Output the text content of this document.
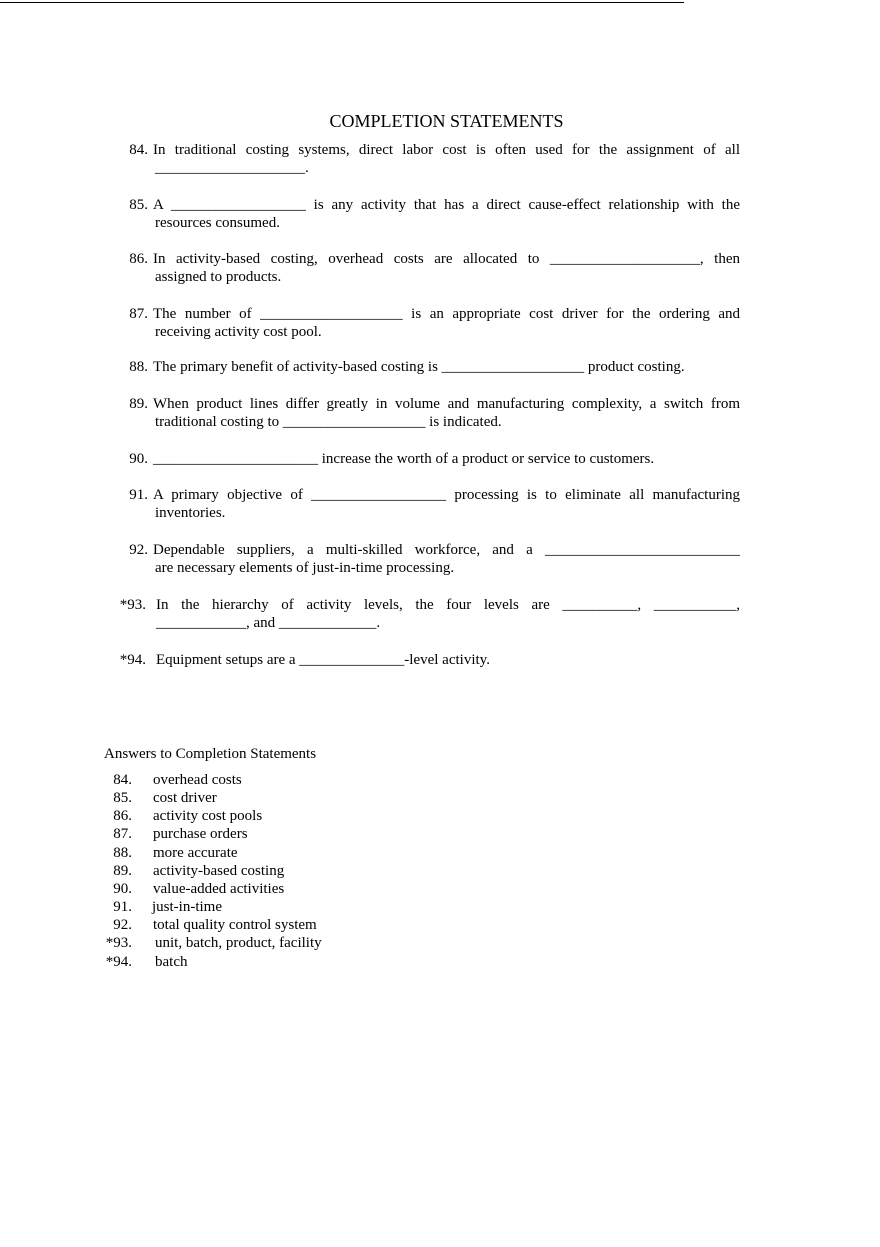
COMPLETION STATEMENTS
84. In traditional costing systems, direct labor cost is often used for the assignment of all
____________________.
85. A __________________ is any activity that has a direct cause-effect relationship with the
resources consumed.
86. In activity-based costing, overhead costs are allocated to ____________________, then
assigned to products.
87. The number of ___________________ is an appropriate cost driver for the ordering and
receiving activity cost pool.
88. The primary benefit of activity-based costing is ___________________ product costing.
89. When product lines differ greatly in volume and manufacturing complexity, a switch from
traditional costing to ___________________ is indicated.
90. ______________________ increase the worth of a product or service to customers.
91. A primary objective of __________________ processing is to eliminate all manufacturing
inventories.
92. Dependable suppliers, a multi-skilled workforce, and a __________________________
are necessary elements of just-in-time processing.
*93. In the hierarchy of activity levels, the four levels are __________, ___________,
____________, and _____________.
*94. Equipment setups are a ______________-level activity.
Answers to Completion Statements
84. overhead costs
85. cost driver
86. activity cost pools
87. purchase orders
88. more accurate
89. activity-based costing
90. value-added activities
91. just-in-time
92. total quality control system
*93. unit, batch, product, facility
*94. batch
